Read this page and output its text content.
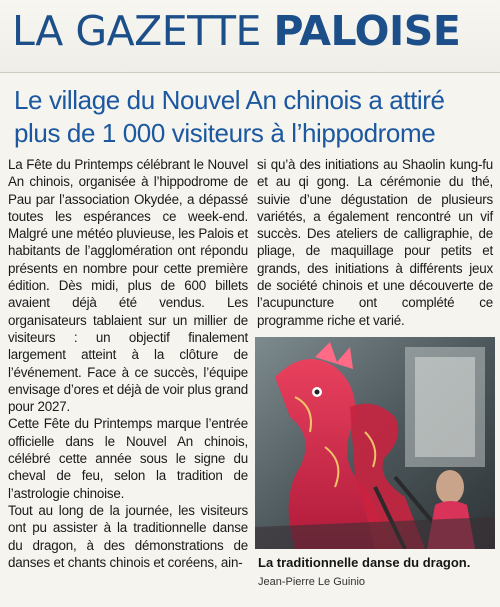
LA GAZETTE PALOISE
Le village du Nouvel An chinois a attiré plus de 1 000 visiteurs à l’hippodrome

La Fête du Printemps célébrant le Nouvel An chinois, organisée à l’hippodrome de Pau par l’association Okydée, a dépassé toutes les espérances ce week-end. Malgré une météo pluvieuse, les Palois et habitants de l’agglomération ont répondu présents en nombre pour cette première édition. Dès midi, plus de 600 billets avaient déjà été vendus. Les organisateurs tablaient sur un millier de visiteurs : un objectif finalement largement atteint à la clôture de l’événement. Face à ce succès, l’équipe envisage d’ores et déjà de voir plus grand pour 2027.

Cette Fête du Printemps marque l’entrée officielle dans le Nouvel An chinois, célébré cette année sous le signe du cheval de feu, selon la tradition de l’astrologie chinoise.

Tout au long de la journée, les visiteurs ont pu assister à la traditionnelle danse du dragon, à des démonstrations de danses et chants chinois et coréens, ain-

si qu’à des initiations au Shaolin kung-fu et au qi gong. La cérémonie du thé, suivie d’une dégustation de plusieurs variétés, a également rencontré un vif succès. Des ateliers de calligraphie, de pliage, de maquillage pour petits et grands, des initiations à différents jeux de société chinois et une découverte de l’acupuncture ont complété ce programme riche et varié.

La traditionnelle danse du dragon.
Jean-Pierre Le Guinio
